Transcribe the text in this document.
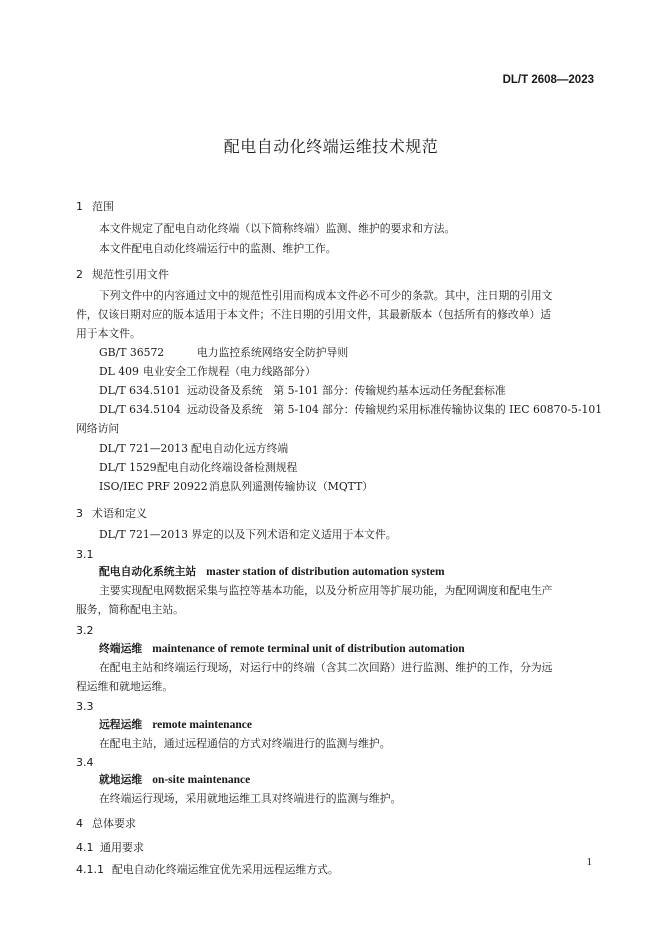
DL/T 2608—2023
配电自动化终端运维技术规范
1 范围
本文件规定了配电自动化终端（以下简称终端）监测、维护的要求和方法。
本文件配电自动化终端运行中的监测、维护工作。
2 规范性引用文件
下列文件中的内容通过文中的规范性引用而构成本文件必不可少的条款。其中，注日期的引用文
件，仅该日期对应的版本适用于本文件；不注日期的引用文件，其最新版本（包括所有的修改单）适
用于本文件。
GB/T 36572	电力监控系统网络安全防护导则
DL 409 电业安全工作规程（电力线路部分）
DL/T 634.5101 远动设备及系统　第 5-101 部分：传输规约基本远动任务配套标准
DL/T 634.5104 远动设备及系统　第 5-104 部分：传输规约采用标准传输协议集的 IEC 60870-5-101
网络访问
DL/T 721—2013 配电自动化远方终端
DL/T 1529配电自动化终端设备检测规程
ISO/IEC PRF 20922消息队列遥测传输协议（MQTT）
3 术语和定义
DL/T 721—2013 界定的以及下列术语和定义适用于本文件。
3.1
配电自动化系统主站 master station of distribution automation system
主要实现配电网数据采集与监控等基本功能，以及分析应用等扩展功能，为配网调度和配电生产
服务，简称配电主站。
3.2
终端运维 maintenance of remote terminal unit of distribution automation
在配电主站和终端运行现场，对运行中的终端（含其二次回路）进行监测、维护的工作，分为远
程运维和就地运维。
3.3
远程运维 remote maintenance
在配电主站，通过远程通信的方式对终端进行的监测与维护。
3.4
就地运维 on-site maintenance
在终端运行现场，采用就地运维工具对终端进行的监测与维护。
4 总体要求
4.1 通用要求
4.1.1 配电自动化终端运维宜优先采用远程运维方式。
1
